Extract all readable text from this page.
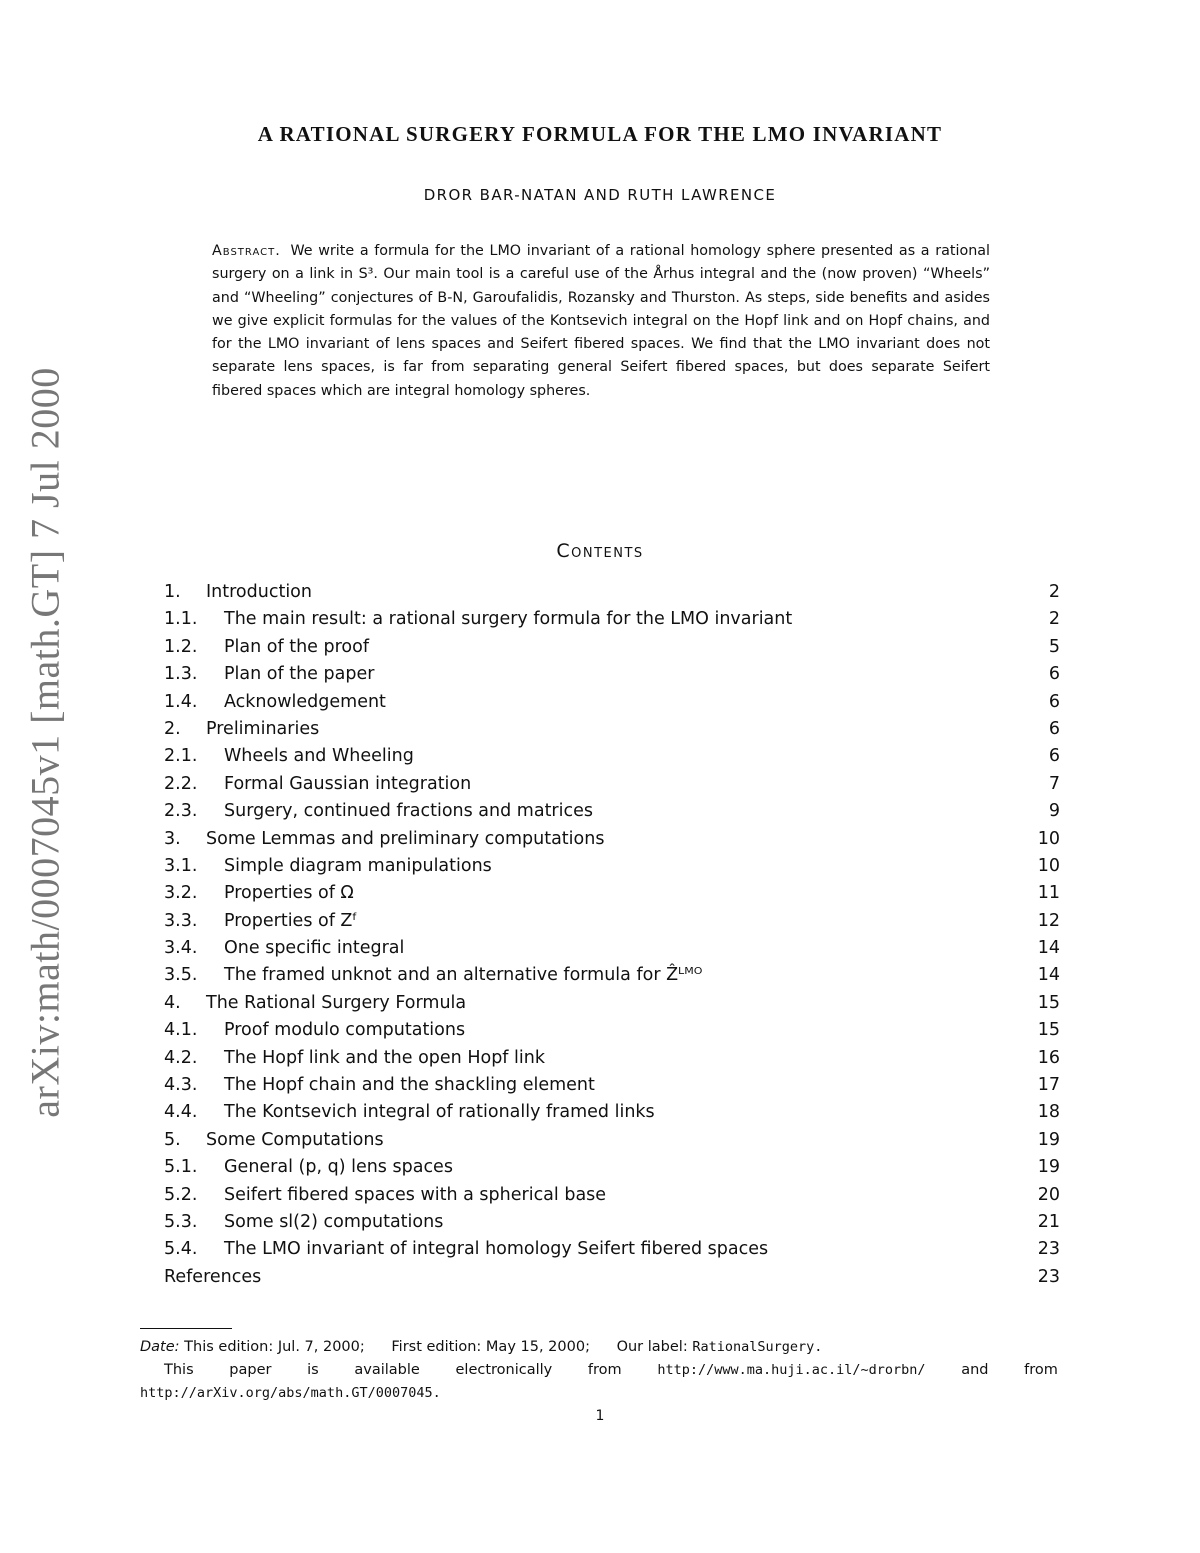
arXiv:math/0007045v1 [math.GT] 7 Jul 2000
A RATIONAL SURGERY FORMULA FOR THE LMO INVARIANT
DROR BAR-NATAN AND RUTH LAWRENCE
Abstract. We write a formula for the LMO invariant of a rational homology sphere presented as a rational surgery on a link in S³. Our main tool is a careful use of the Århus integral and the (now proven) “Wheels” and “Wheeling” conjectures of B-N, Garoufalidis, Rozansky and Thurston. As steps, side benefits and asides we give explicit formulas for the values of the Kontsevich integral on the Hopf link and on Hopf chains, and for the LMO invariant of lens spaces and Seifert fibered spaces. We find that the LMO invariant does not separate lens spaces, is far from separating general Seifert fibered spaces, but does separate Seifert fibered spaces which are integral homology spheres.
Contents
1.	Introduction	2
1.1.	The main result: a rational surgery formula for the LMO invariant	2
1.2.	Plan of the proof	5
1.3.	Plan of the paper	6
1.4.	Acknowledgement	6
2.	Preliminaries	6
2.1.	Wheels and Wheeling	6
2.2.	Formal Gaussian integration	7
2.3.	Surgery, continued fractions and matrices	9
3.	Some Lemmas and preliminary computations	10
3.1.	Simple diagram manipulations	10
3.2.	Properties of Ω	11
3.3.	Properties of Zᶠ	12
3.4.	One specific integral	14
3.5.	The framed unknot and an alternative formula for Ẑᴸᴹᴼ	14
4.	The Rational Surgery Formula	15
4.1.	Proof modulo computations	15
4.2.	The Hopf link and the open Hopf link	16
4.3.	The Hopf chain and the shackling element	17
4.4.	The Kontsevich integral of rationally framed links	18
5.	Some Computations	19
5.1.	General (p, q) lens spaces	19
5.2.	Seifert fibered spaces with a spherical base	20
5.3.	Some sl(2) computations	21
5.4.	The LMO invariant of integral homology Seifert fibered spaces	23
References	23
Date: This edition: Jul. 7, 2000; First edition: May 15, 2000; Our label: RationalSurgery.
This paper is available electronically from	http://www.ma.huji.ac.il/~drorbn/ and from
http://arXiv.org/abs/math.GT/0007045.
1
